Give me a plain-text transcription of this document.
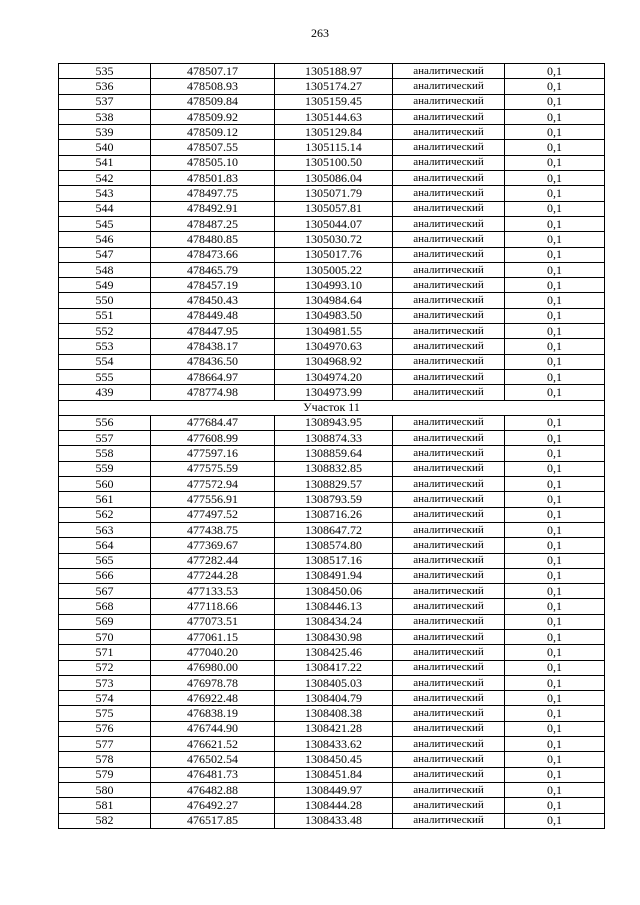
263
535	478507.17	1305188.97	аналитический	0,1
536	478508.93	1305174.27	аналитический	0,1
537	478509.84	1305159.45	аналитический	0,1
538	478509.92	1305144.63	аналитический	0,1
539	478509.12	1305129.84	аналитический	0,1
540	478507.55	1305115.14	аналитический	0,1
541	478505.10	1305100.50	аналитический	0,1
542	478501.83	1305086.04	аналитический	0,1
543	478497.75	1305071.79	аналитический	0,1
544	478492.91	1305057.81	аналитический	0,1
545	478487.25	1305044.07	аналитический	0,1
546	478480.85	1305030.72	аналитический	0,1
547	478473.66	1305017.76	аналитический	0,1
548	478465.79	1305005.22	аналитический	0,1
549	478457.19	1304993.10	аналитический	0,1
550	478450.43	1304984.64	аналитический	0,1
551	478449.48	1304983.50	аналитический	0,1
552	478447.95	1304981.55	аналитический	0,1
553	478438.17	1304970.63	аналитический	0,1
554	478436.50	1304968.92	аналитический	0,1
555	478664.97	1304974.20	аналитический	0,1
439	478774.98	1304973.99	аналитический	0,1
Участок 11				
556	477684.47	1308943.95	аналитический	0,1
557	477608.99	1308874.33	аналитический	0,1
558	477597.16	1308859.64	аналитический	0,1
559	477575.59	1308832.85	аналитический	0,1
560	477572.94	1308829.57	аналитический	0,1
561	477556.91	1308793.59	аналитический	0,1
562	477497.52	1308716.26	аналитический	0,1
563	477438.75	1308647.72	аналитический	0,1
564	477369.67	1308574.80	аналитический	0,1
565	477282.44	1308517.16	аналитический	0,1
566	477244.28	1308491.94	аналитический	0,1
567	477133.53	1308450.06	аналитический	0,1
568	477118.66	1308446.13	аналитический	0,1
569	477073.51	1308434.24	аналитический	0,1
570	477061.15	1308430.98	аналитический	0,1
571	477040.20	1308425.46	аналитический	0,1
572	476980.00	1308417.22	аналитический	0,1
573	476978.78	1308405.03	аналитический	0,1
574	476922.48	1308404.79	аналитический	0,1
575	476838.19	1308408.38	аналитический	0,1
576	476744.90	1308421.28	аналитический	0,1
577	476621.52	1308433.62	аналитический	0,1
578	476502.54	1308450.45	аналитический	0,1
579	476481.73	1308451.84	аналитический	0,1
580	476482.88	1308449.97	аналитический	0,1
581	476492.27	1308444.28	аналитический	0,1
582	476517.85	1308433.48	аналитический	0,1
